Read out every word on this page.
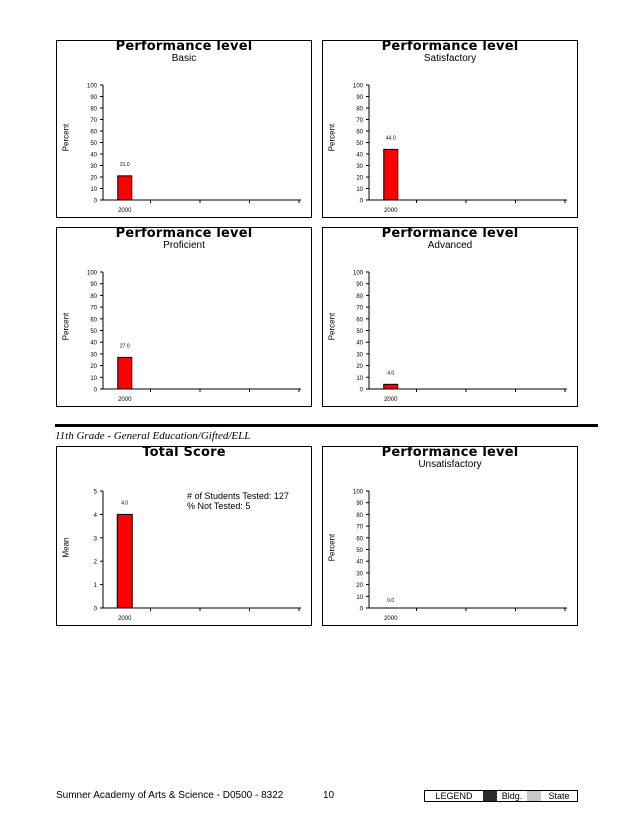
Performance level
Basic
Percent
0
10
20
30
40
50
60
70
80
90
100
21.0
2000
Performance level
Satisfactory
Percent
0
10
20
30
40
50
60
70
80
90
100
44.0
2000
Performance level
Proficient
Percent
0
10
20
30
40
50
60
70
80
90
100
27.0
2000
Performance level
Advanced
Percent
0
10
20
30
40
50
60
70
80
90
100
4.0
2000
11th Grade - General Education/Gifted/ELL
Total Score
Mean
# of Students Tested: 127
% Not Tested: 5
0
1
2
3
4
5
4.0
2000
Performance level
Unsatisfactory
Percent
0
10
20
30
40
50
60
70
80
90
100
0.0
2000
Sumner Academy of Arts & Science - D0500 - 8322	10	LEGEND	Bldg.	State
